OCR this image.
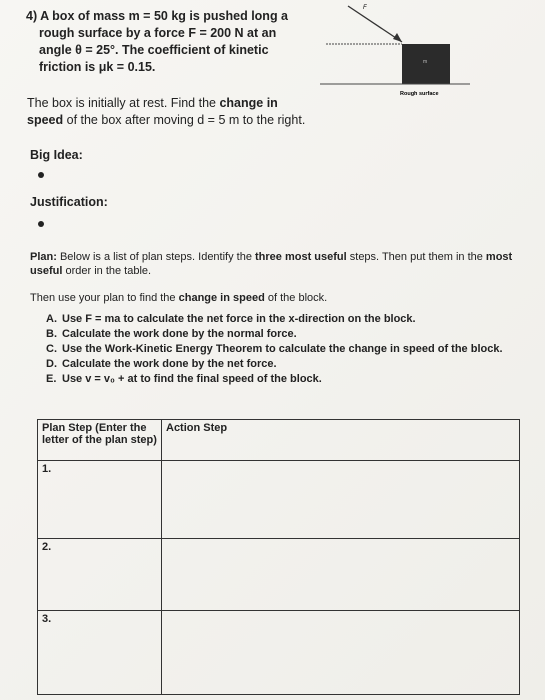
4) A box of mass m = 50 kg is pushed long a
rough surface by a force F = 200 N at an
angle θ = 25°. The coefficient of kinetic
friction is μk = 0.15.
F
m
Rough surface
The box is initially at rest. Find the change in
speed of the box after moving d = 5 m to the right.
Big Idea:
Justification:
Plan: Below is a list of plan steps. Identify the three most useful steps. Then put them in the most useful order in the table.
Then use your plan to find the change in speed of the block.
A. Use F = ma to calculate the net force in the x-direction on the block.
B. Calculate the work done by the normal force.
C. Use the Work-Kinetic Energy Theorem to calculate the change in speed of the block.
D. Calculate the work done by the net force.
E. Use v = v₀ + at to find the final speed of the block.
Plan Step (Enter the letter of the plan step)	Action Step
1.	
2.	
3.	
